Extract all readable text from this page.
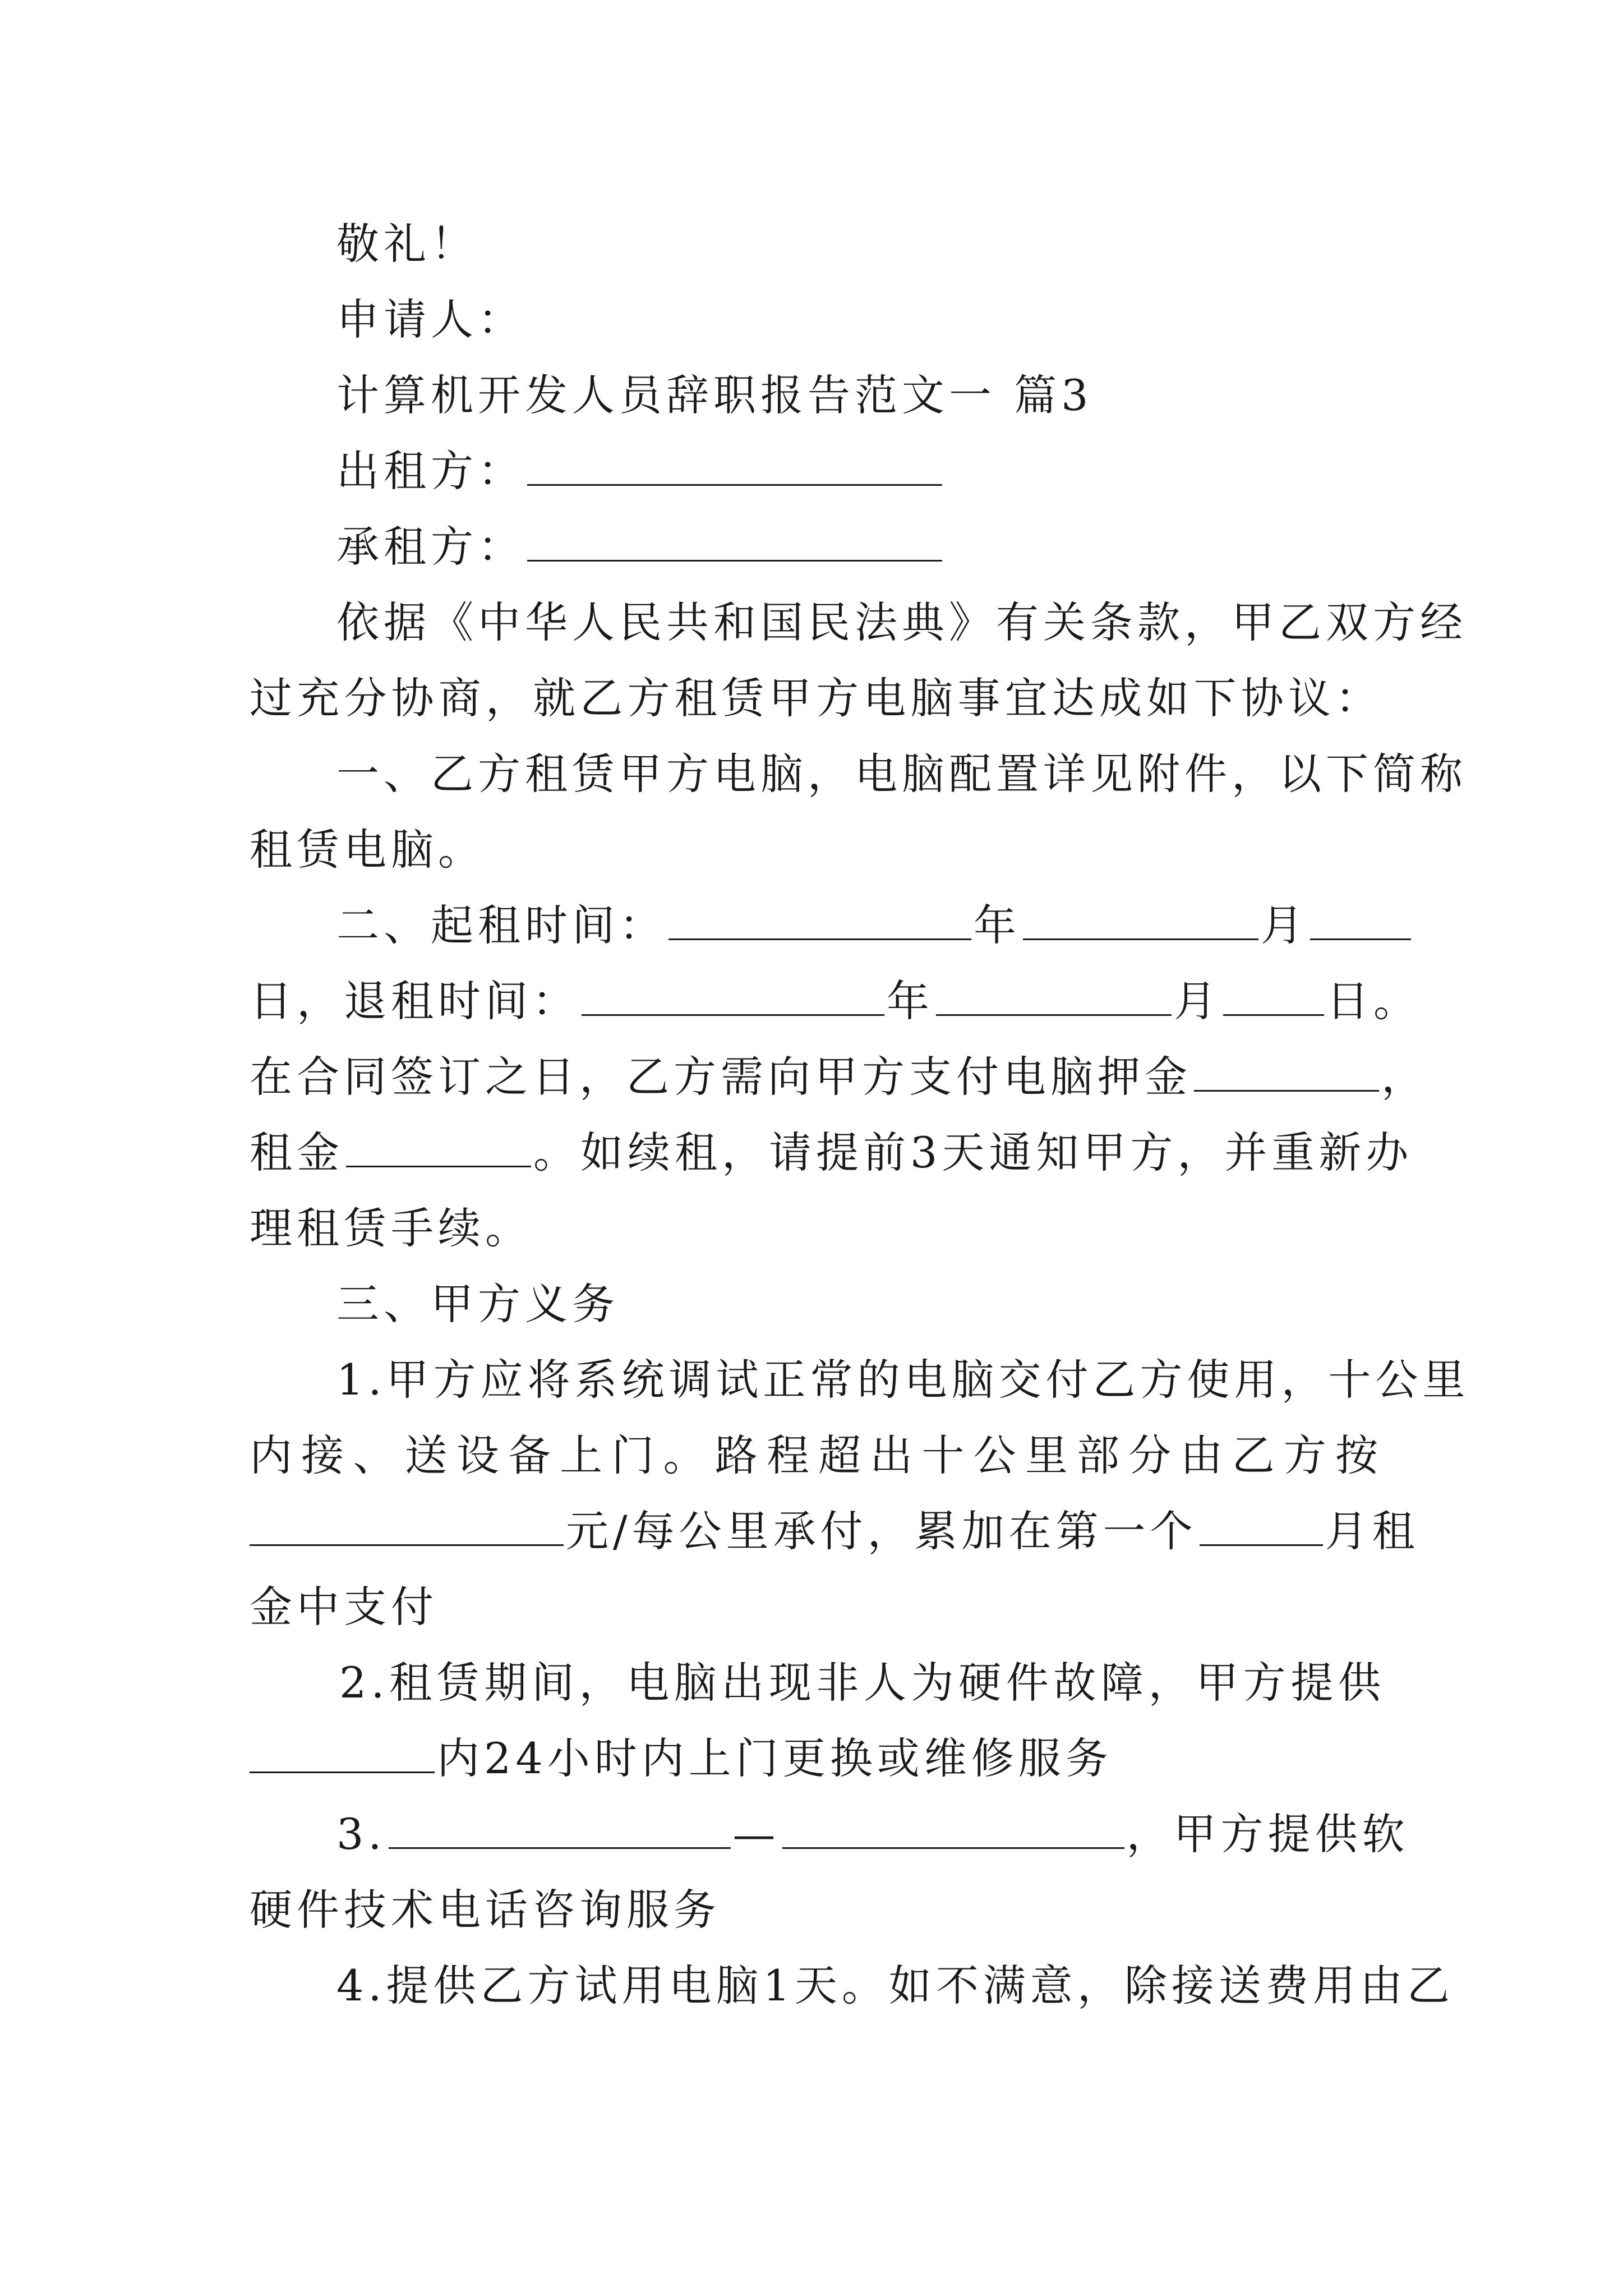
敬礼！
申请人：
计算机开发人员辞职报告范文一 篇3
出租方：
承租方：
依据《中华人民共和国民法典》有关条款，甲乙双方经
过充分协商，就乙方租赁甲方电脑事宜达成如下协议：
一、乙方租赁甲方电脑，电脑配置详见附件，以下简称
租赁电脑。
二、起租时间：	年	月
日，退租时间：	年	月 日。
在合同签订之日，乙方需向甲方支付电脑押金	，
租金	。如续租，请提前3天通知甲方，并重新办
理租赁手续。
三、甲方义务
1.甲方应将系统调试正常的电脑交付乙方使用，十公里
内接、送设备上门。路程超出十公里部分由乙方按
元/每公里承付，累加在第一个	月租
金中支付
2.租赁期间，电脑出现非人为硬件故障，甲方提供
内24小时内上门更换或维修服务
3.	—	，甲方提供软
硬件技术电话咨询服务
4.提供乙方试用电脑1天。如不满意，除接送费用由乙
